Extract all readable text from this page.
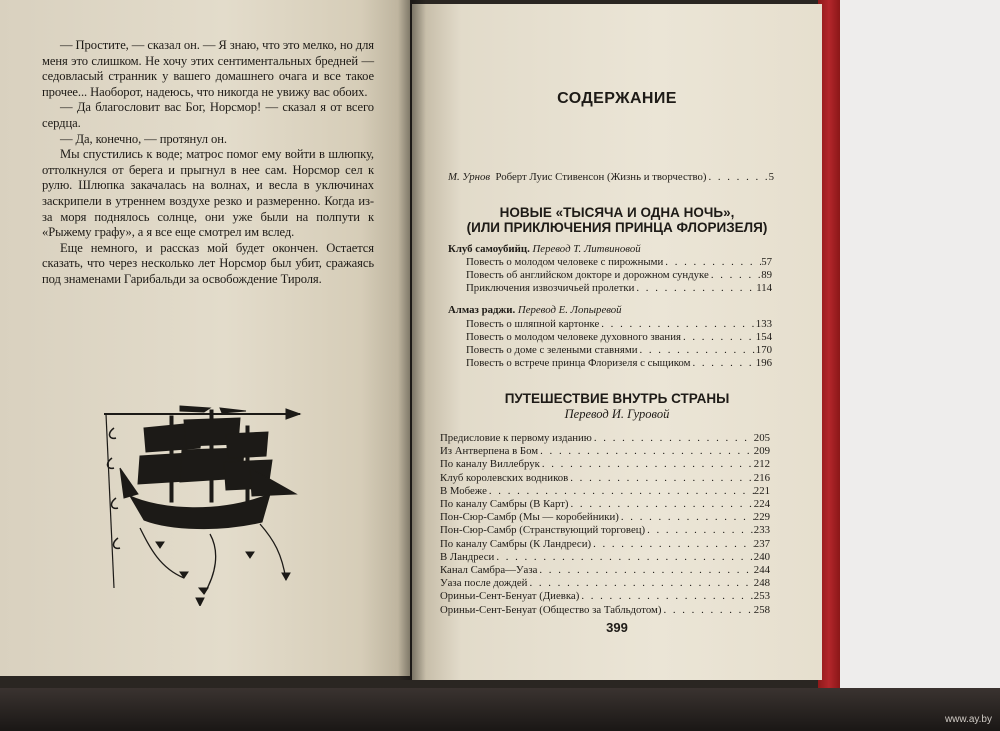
— Простите, — сказал он. — Я знаю, что это мелко, но для меня это слишком. Не хочу этих сентиментальных бредней — седовласый странник у вашего домашнего очага и все такое прочее... Наоборот, надеюсь, что никогда не увижу вас обоих.

— Да благословит вас Бог, Норсмор! — сказал я от всего сердца.

— Да, конечно, — протянул он.

Мы спустились к воде; матрос помог ему войти в шлюпку, оттолкнулся от берега и прыгнул в нее сам. Норсмор сел к рулю. Шлюпка закачалась на волнах, и весла в уключинах заскрипели в утреннем воздухе резко и размеренно. Когда из-за моря поднялось солнце, они уже были на полпути к «Рыжему графу», а я все еще смотрел им вслед.

Еще немного, и рассказ мой будет окончен. Остается сказать, что через несколько лет Норсмор был убит, сражаясь под знаменами Гарибальди за освобождение Тироля.

СОДЕРЖАНИЕ
М. Урнов Роберт Луис Стивенсон (Жизнь и творчество) . . .	5
НОВЫЕ «ТЫСЯЧА И ОДНА НОЧЬ»,
(ИЛИ ПРИКЛЮЧЕНИЯ ПРИНЦА ФЛОРИЗЕЛЯ)
Клуб самоубийц. Перевод Т. Литвиновой
Повесть о молодом человеке с пирожными . . .	57
Повесть об английском докторе и дорожном сундуке . . .	89
Приключения извозчичьей пролетки . . .	114
Алмаз раджи. Перевод Е. Лопыревой
Повесть о шляпной картонке . . .	133
Повесть о молодом человеке духовного звания . . .	154
Повесть о доме с зелеными ставнями . . .	170
Повесть о встрече принца Флоризеля с сыщиком . . .	196
ПУТЕШЕСТВИЕ ВНУТРЬ СТРАНЫ
Перевод И. Гуровой
Предисловие к первому изданию . . .	205
Из Антверпена в Бом . . .	209
По каналу Виллебрук . . .	212
Клуб королевских водников . . .	216
В Мобеже . . .	221
По каналу Самбры (В Карт) . . .	224
Пон-Сюр-Самбр (Мы — коробейники) . . .	229
Пон-Сюр-Самбр (Странствующий торговец) . . .	233
По каналу Самбры (К Ландреси) . . .	237
В Ландреси . . .	240
Канал Самбра—Уаза . . .	244
Уаза после дождей . . .	248
Ориньи-Сент-Бенуат (Диевка) . . .	253
Ориньи-Сент-Бенуат (Общество за Табльдотом) . . .	258
399
www.ay.by
